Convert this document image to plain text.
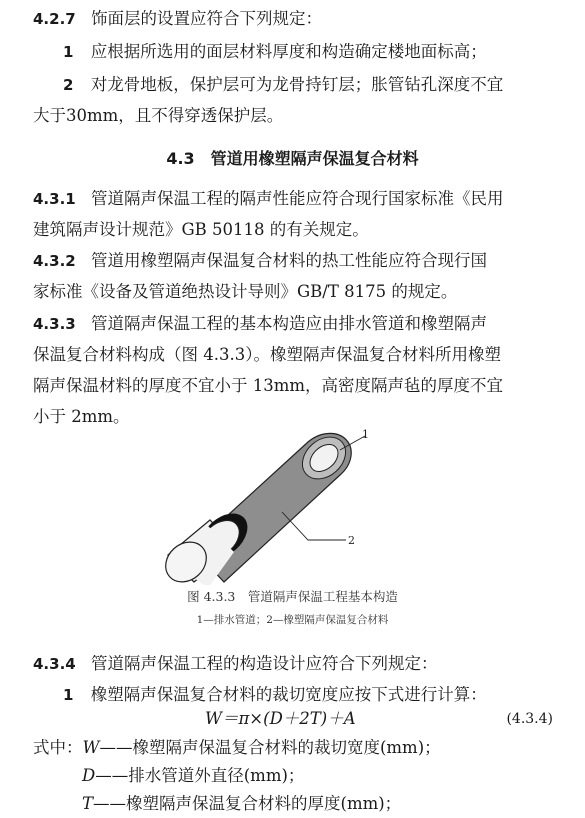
4.2.7 饰面层的设置应符合下列规定：
1 应根据所选用的面层材料厚度和构造确定楼地面标高；
2 对龙骨地板，保护层可为龙骨持钉层；胀管钻孔深度不宜
大于30mm，且不得穿透保护层。
4.3　管道用橡塑隔声保温复合材料
4.3.1 管道隔声保温工程的隔声性能应符合现行国家标准《民用
建筑隔声设计规范》GB 50118 的有关规定。
4.3.2 管道用橡塑隔声保温复合材料的热工性能应符合现行国
家标准《设备及管道绝热设计导则》GB/T 8175 的规定。
4.3.3 管道隔声保温工程的基本构造应由排水管道和橡塑隔声
保温复合材料构成（图 4.3.3）。橡塑隔声保温复合材料所用橡塑
隔声保温材料的厚度不宜小于 13mm，高密度隔声毡的厚度不宜
小于 2mm。
1
2
图 4.3.3　管道隔声保温工程基本构造
1—排水管道；2—橡塑隔声保温复合材料
4.3.4 管道隔声保温工程的构造设计应符合下列规定：
1 橡塑隔声保温复合材料的裁切宽度应按下式进行计算：
W＝π×(D＋2T)＋A	(4.3.4)
式中：W——橡塑隔声保温复合材料的裁切宽度(mm)；
D——排水管道外直径(mm)；
T——橡塑隔声保温复合材料的厚度(mm)；
